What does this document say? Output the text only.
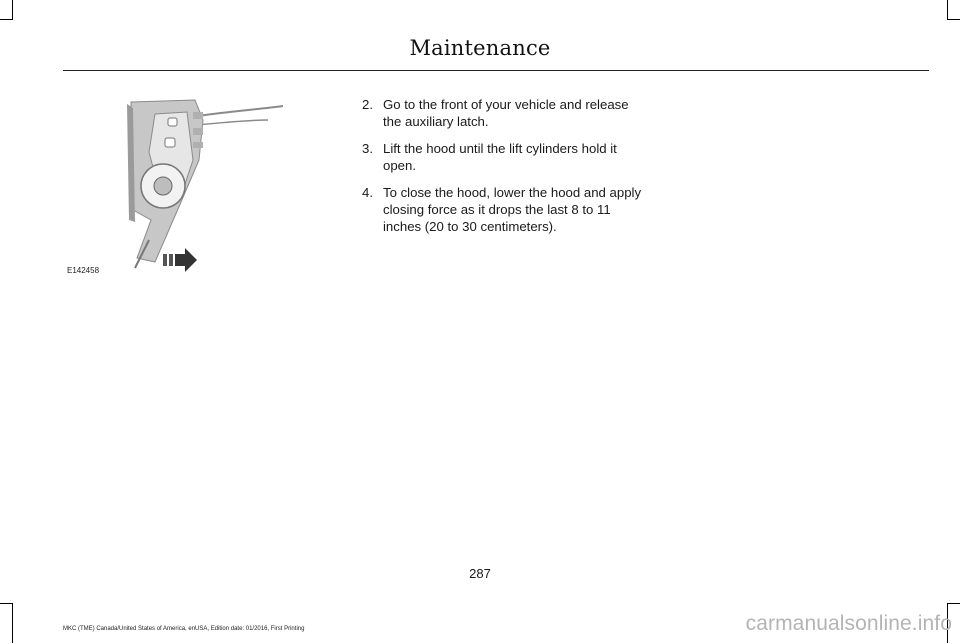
Maintenance
E142458
2. Go to the front of your vehicle and release the auxiliary latch.
3. Lift the hood until the lift cylinders hold it open.
4. To close the hood, lower the hood and apply closing force as it drops the last 8 to 11 inches (20 to 30 centimeters).
287
MKC (TME) Canada/United States of America, enUSA, Edition date: 01/2016, First Printing	carmanualsonline.info
